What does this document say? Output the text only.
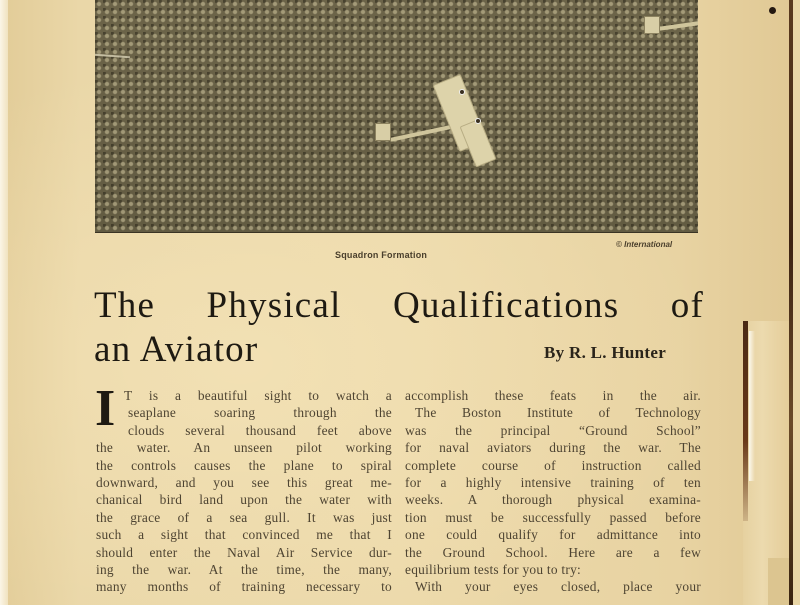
© International
Squadron Formation
The Physical Qualifications of
an Aviator	By R. L. Hunter
I T is a beautiful sight to watch a
seaplane soaring through the
clouds several thousand feet above
the water. An unseen pilot working
the controls causes the plane to spiral
downward, and you see this great me-
chanical bird land upon the water with
the grace of a sea gull. It was just
such a sight that convinced me that I
should enter the Naval Air Service dur-
ing the war. At the time, the many,
many months of training necessary to
accomplish these feats in the air.
The Boston Institute of Technology
was the principal “Ground School”
for naval aviators during the war. The
complete course of instruction called
for a highly intensive training of ten
weeks. A thorough physical examina-
tion must be successfully passed before
one could qualify for admittance into
the Ground School. Here are a few
equilibrium tests for you to try:
With your eyes closed, place your
